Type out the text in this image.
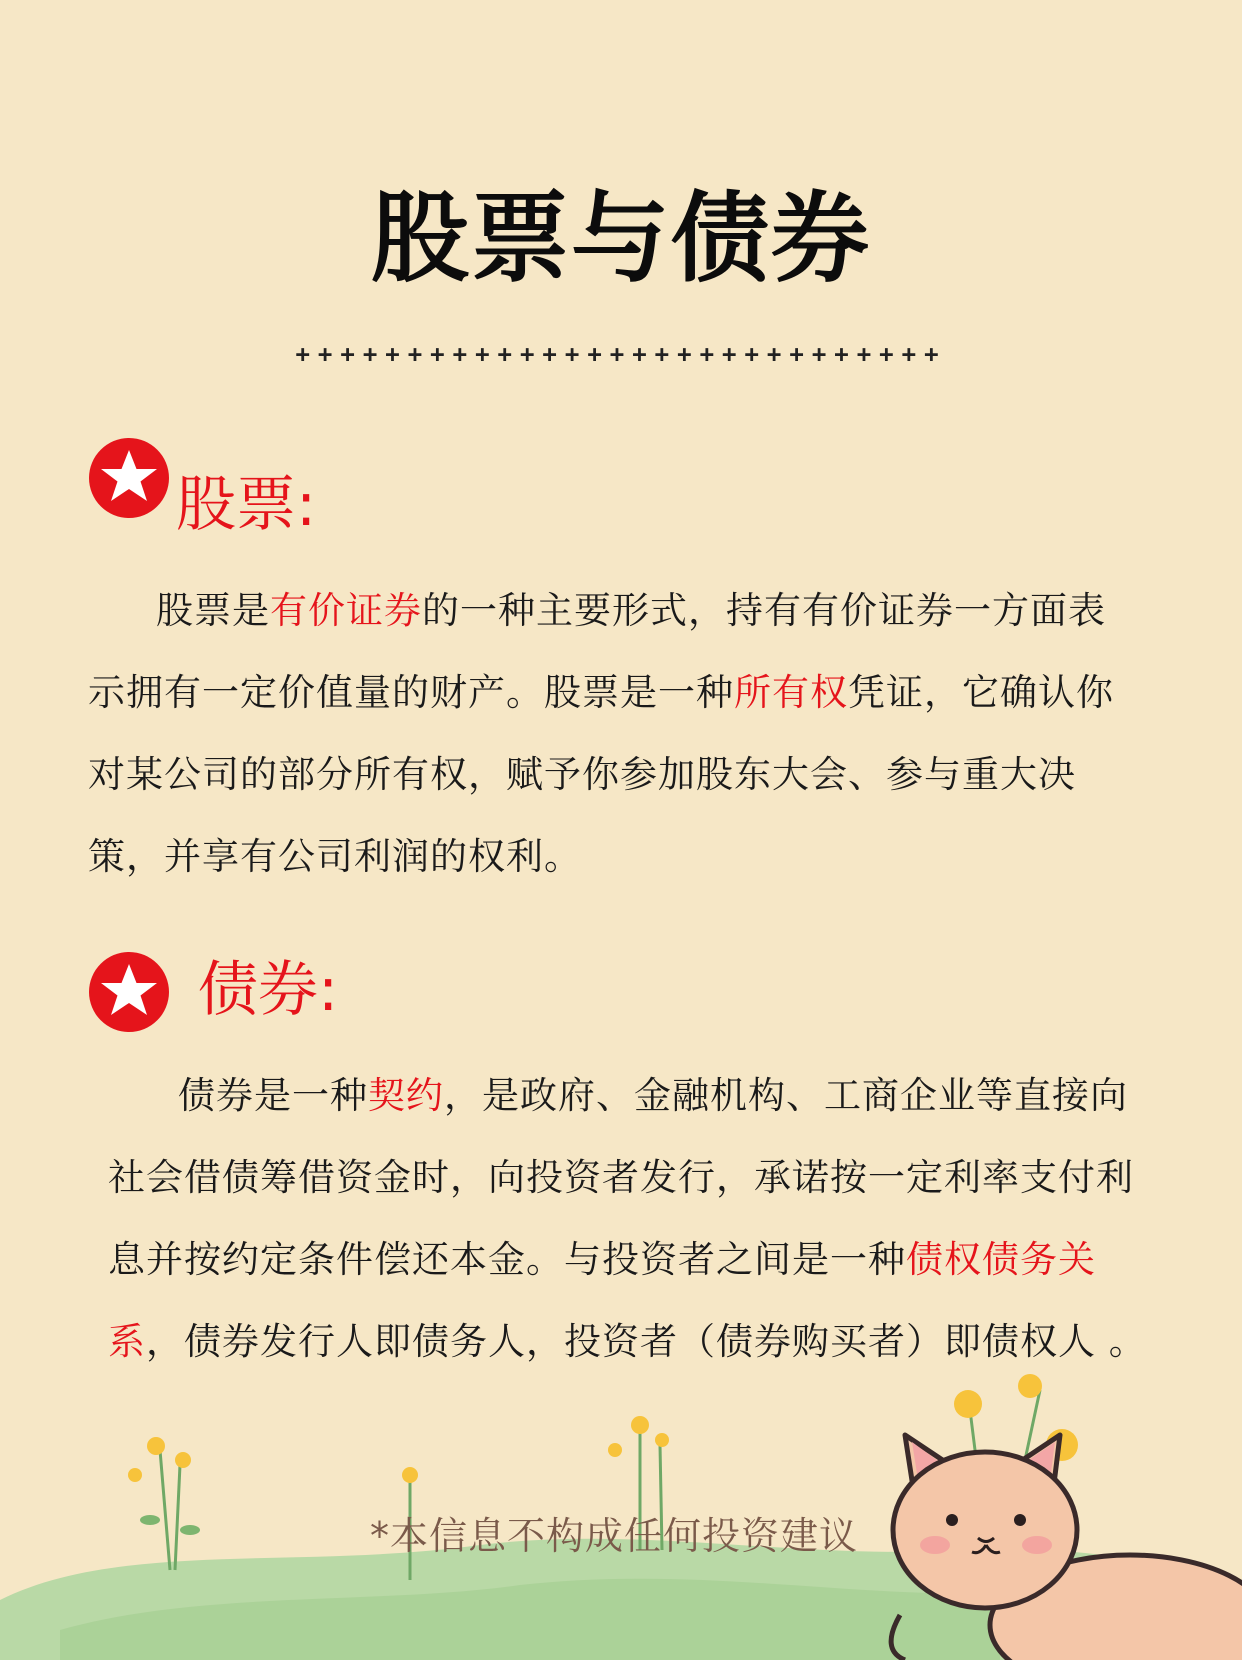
股票与债券
+++++++++++++++++++++++++++++
股票:
股票是有价证券的一种主要形式，持有有价证券一方面表示拥有一定价值量的财产。股票是一种所有权凭证，它确认你对某公司的部分所有权，赋予你参加股东大会、参与重大决策，并享有公司利润的权利。
债券:
债券是一种契约，是政府、金融机构、工商企业等直接向社会借债筹借资金时，向投资者发行，承诺按一定利率支付利息并按约定条件偿还本金。与投资者之间是一种债权债务关系，债券发行人即债务人，投资者（债券购买者）即债权人 。
*本信息不构成任何投资建议
